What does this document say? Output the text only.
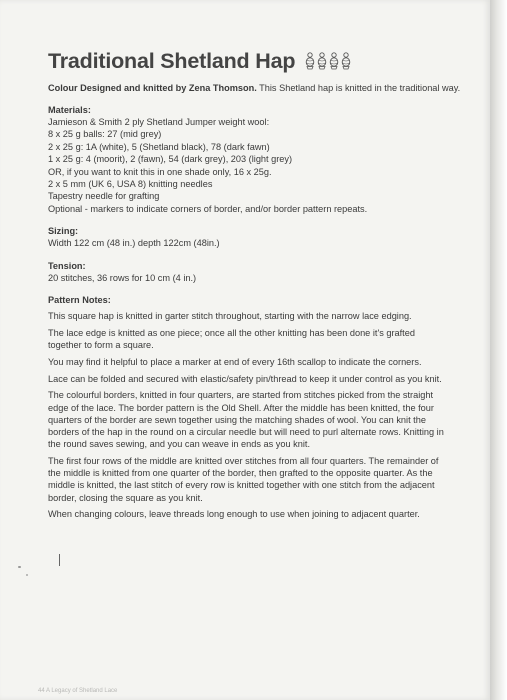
Traditional Shetland Hap
Colour Designed and knitted by Zena Thomson. This Shetland hap is knitted in the traditional way.
Materials:
Jamieson & Smith 2 ply Shetland Jumper weight wool:
8 x 25 g balls: 27 (mid grey)
2 x 25 g: 1A (white), 5 (Shetland black), 78 (dark fawn)
1 x 25 g: 4 (moorit), 2 (fawn), 54 (dark grey), 203 (light grey)
OR, if you want to knit this in one shade only, 16 x 25g.
2 x 5 mm (UK 6, USA 8) knitting needles
Tapestry needle for grafting
Optional - markers to indicate corners of border, and/or border pattern repeats.
Sizing:
Width 122 cm (48 in.) depth 122cm (48in.)
Tension:
20 stitches, 36 rows for 10 cm (4 in.)
Pattern Notes:
This square hap is knitted in garter stitch throughout, starting with the narrow lace edging.
The lace edge is knitted as one piece; once all the other knitting has been done it's grafted
together to form a square.
You may find it helpful to place a marker at end of every 16th scallop to indicate the corners.
Lace can be folded and secured with elastic/safety pin/thread to keep it under control as you knit.
The colourful borders, knitted in four quarters, are started from stitches picked from the straight
edge of the lace. The border pattern is the Old Shell. After the middle has been knitted, the four
quarters of the border are sewn together using the matching shades of wool. You can knit the
borders of the hap in the round on a circular needle but will need to purl alternate rows. Knitting in
the round saves sewing, and you can weave in ends as you knit.
The first four rows of the middle are knitted over stitches from all four quarters. The remainder of
the middle is knitted from one quarter of the border, then grafted to the opposite quarter. As the
middle is knitted, the last stitch of every row is knitted together with one stitch from the adjacent
border, closing the square as you knit.
When changing colours, leave threads long enough to use when joining to adjacent quarter.
44 A Legacy of Shetland Lace
